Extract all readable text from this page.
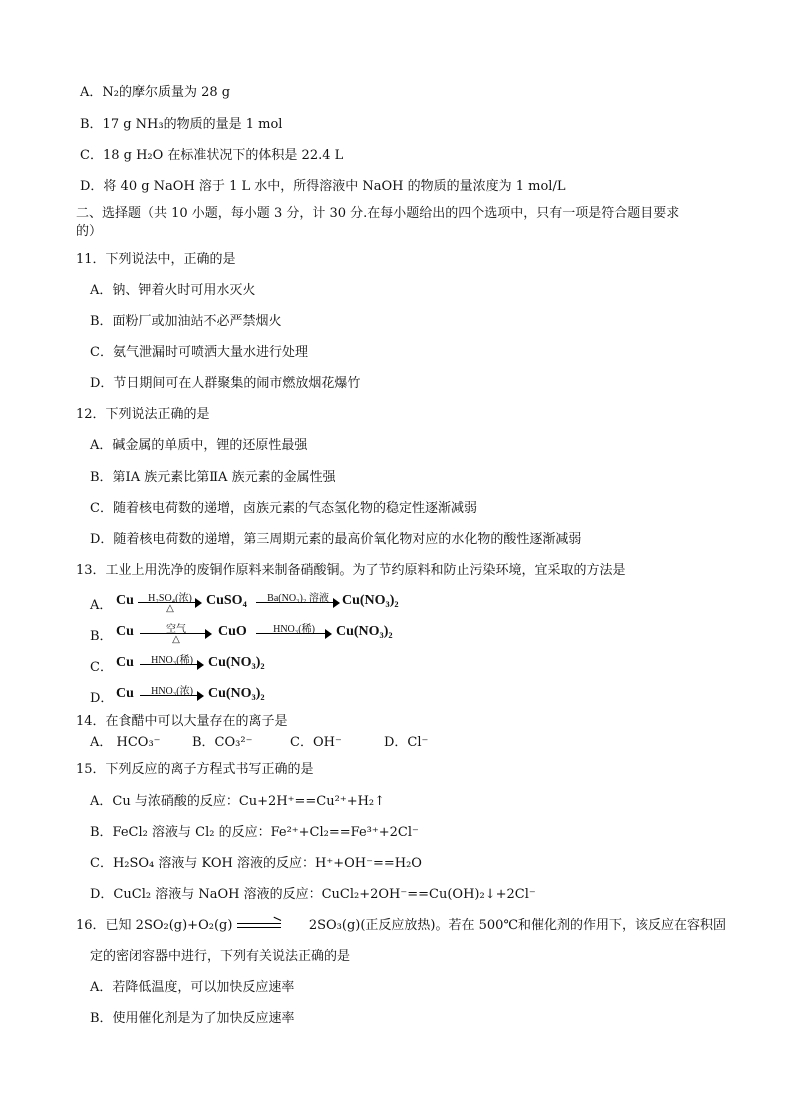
A．N₂的摩尔质量为 28 g
B．17 g NH₃的物质的量是 1 mol
C．18 g H₂O 在标准状况下的体积是 22.4 L
D．将 40 g NaOH 溶于 1 L 水中，所得溶液中 NaOH 的物质的量浓度为 1 mol/L
二、选择题（共 10 小题，每小题 3 分，计 30 分.在每小题给出的四个选项中，只有一项是符合题目要求
的）
11．下列说法中，正确的是
A．钠、钾着火时可用水灭火
B．面粉厂或加油站不必严禁烟火
C．氨气泄漏时可喷洒大量水进行处理
D．节日期间可在人群聚集的闹市燃放烟花爆竹
12．下列说法正确的是
A．碱金属的单质中，锂的还原性最强
B．第ⅠA 族元素比第ⅡA 族元素的金属性强
C．随着核电荷数的递增，卤族元素的气态氢化物的稳定性逐渐减弱
D．随着核电荷数的递增，第三周期元素的最高价氧化物对应的水化物的酸性逐渐减弱
13．工业上用洗净的废铜作原料来制备硝酸铜。为了节约原料和防止污染环境，宜采取的方法是
A． Cu	H₂SO₄(浓)
△
CuSO₄	Ba(NO₃)₂ 溶液 Cu(NO₃)₂
B． Cu	空气
△
CuO	HNO₃(稀)	Cu(NO₃)₂
C． Cu	HNO₃(稀)	Cu(NO₃)₂
D． Cu	HNO₃(浓)	Cu(NO₃)₂
14．在食醋中可以大量存在的离子是
A． HCO₃⁻ B．CO₃²⁻	C．OH⁻	D．Cl⁻
15．下列反应的离子方程式书写正确的是
A．Cu 与浓硝酸的反应：Cu+2H⁺==Cu²⁺+H₂↑
B．FeCl₂ 溶液与 Cl₂ 的反应：Fe²⁺+Cl₂==Fe³⁺+2Cl⁻
C．H₂SO₄ 溶液与 KOH 溶液的反应：H⁺+OH⁻==H₂O
D．CuCl₂ 溶液与 NaOH 溶液的反应：CuCl₂+2OH⁻==Cu(OH)₂↓+2Cl⁻
16．已知 2SO₂(g)+O₂(g)	2SO₃(g)(正反应放热)。若在 500℃和催化剂的作用下，该反应在容积固
定的密闭容器中进行，下列有关说法正确的是
A．若降低温度，可以加快反应速率
B．使用催化剂是为了加快反应速率
